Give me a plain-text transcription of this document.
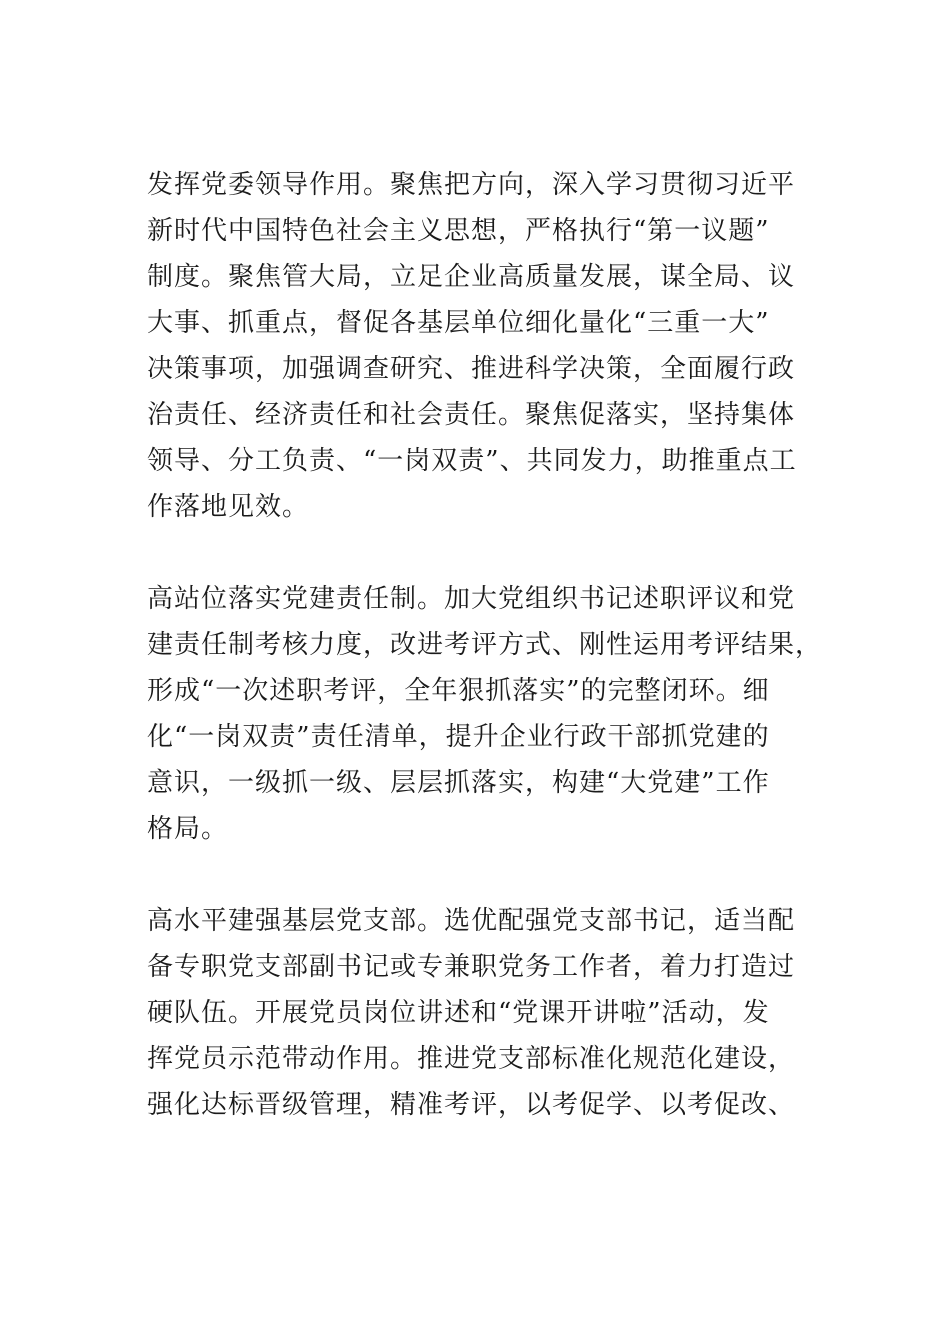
发挥党委领导作用。聚焦把方向，深入学习贯彻习近平
新时代中国特色社会主义思想，严格执行“第一议题”
制度。聚焦管大局，立足企业高质量发展，谋全局、议
大事、抓重点，督促各基层单位细化量化“三重一大”
决策事项，加强调查研究、推进科学决策，全面履行政
治责任、经济责任和社会责任。聚焦促落实，坚持集体
领导、分工负责、“一岗双责”、共同发力，助推重点工
作落地见效。
高站位落实党建责任制。加大党组织书记述职评议和党
建责任制考核力度，改进考评方式、刚性运用考评结果，
形成“一次述职考评，全年狠抓落实”的完整闭环。细
化“一岗双责”责任清单，提升企业行政干部抓党建的
意识，一级抓一级、层层抓落实，构建“大党建”工作
格局。
高水平建强基层党支部。选优配强党支部书记，适当配
备专职党支部副书记或专兼职党务工作者，着力打造过
硬队伍。开展党员岗位讲述和“党课开讲啦”活动，发
挥党员示范带动作用。推进党支部标准化规范化建设，
强化达标晋级管理，精准考评，以考促学、以考促改、
